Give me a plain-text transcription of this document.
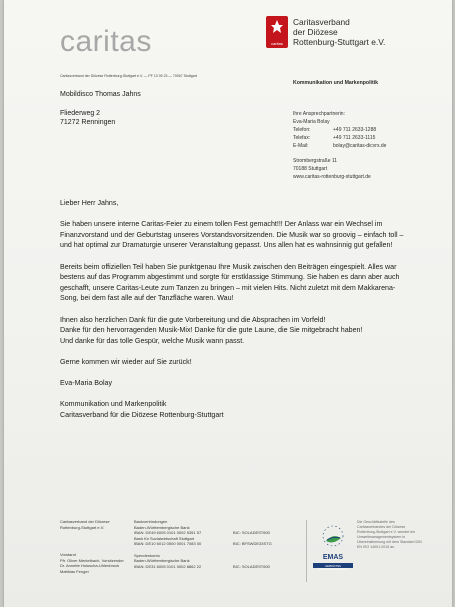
caritas	caritas
Caritasverband
der Diözese
Rottenburg-Stuttgart e.V.
Caritasverband der Diözese Rottenburg-Stuttgart e.V. — PF 13 09 23 — 70067 Stuttgart
Kommunikation und Markenpolitik
Mobildisco Thomas Jahns
Fliederweg 2
71272 Renningen
Ihre Ansprechpartnerin:
Eva-Maria Bolay
Telefon:	+49 711 2633-1288
Telefax:	+49 711 2633-1115
E-Mail:	bolay@caritas-dicvrs.de
Strombergstraße 11
70188 Stuttgart
www.caritas-rottenburg-stuttgart.de

Lieber Herr Jahns,

Sie haben unsere interne Caritas-Feier zu einem tollen Fest gemacht!!! Der Anlass war ein Wechsel im Finanzvorstand und der Geburtstag unseres Vorstandsvorsitzenden. Die Musik war so groovig – einfach toll – und hat optimal zur Dramaturgie unserer Veranstaltung gepasst. Uns allen hat es wahnsinnig gut gefallen!

Bereits beim offiziellen Teil haben Sie punktgenau Ihre Musik zwischen den Beiträgen eingespielt. Alles war bestens auf das Programm abgestimmt und sorgte für erstklassige Stimmung. Sie haben es dann aber auch geschafft, unsere Caritas-Leute zum Tanzen zu bringen – mit vielen Hits. Nicht zuletzt mit dem Makkarena-Song, bei dem fast alle auf der Tanzfläche waren. Wau!

Ihnen also herzlichen Dank für die gute Vorbereitung und die Absprachen im Vorfeld!

Danke für den hervorragenden Musik-Mix! Danke für die gute Laune, die Sie mitgebracht haben!

Und danke für das tolle Gespür, welche Musik wann passt.

Gerne kommen wir wieder auf Sie zurück!

Eva-Maria Bolay

Kommunikation und Markenpolitik

Caritasverband für die Diözese Rottenburg-Stuttgart

Caritasverband der Diözese
Rottenburg-Stuttgart e.V.
Vorstand
Pfr. Oliver Merkelbach, Vorsitzender
Dr. Annette Holuscha-Uhlenbrock
Matthias Fenger
Bankverbindungen
Baden-Württembergische Bank
IBAN: DE49 6005 0101 0002 5351 57
Bank für Sozialwirtschaft Stuttgart
IBAN: DE10 6012 0500 0001 7083 00
Spendenkonto
Baden-Württembergische Bank
IBAN: DE31 6005 0101 0002 8862 22
BIC: SOLADEST600
BIC: BFSWDE33STG
BIC: SOLADEST600
EMAS
GEPRÜFTES UMWELTMANAGEMENT
Die Geschäftsstelle des Caritasverbandes der Diözese Rottenburg-Stuttgart e.V. wendet ein Umweltmanagementsystem in Übereinstimmung mit dem Standard DIN EN ISO 14001:2015 an.
